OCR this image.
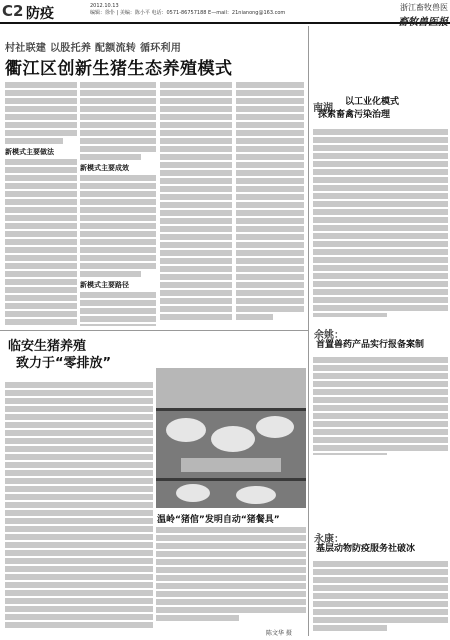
C2 防疫	2012.10.13
编辑：徐仆 | 美编：陈小平 电话：0571-86757188 E—mail：21nianong@163.com
浙江畜牧兽医
畜牧兽医报
村社联建 以股托养 配额流转 循环利用
衢江区创新生猪生态养殖模式
新模式主要做法
新模式主要成效
新模式主要路径
南湖
以工业化模式
探索畜禽污染治理
临安生猪养殖
致力于“零排放”
温岭“猪倌”发明自动“猪餐具”
陈文华 摄
余姚：
首置兽药产品实行报备案制
永康：
基层动物防疫服务社破冰
